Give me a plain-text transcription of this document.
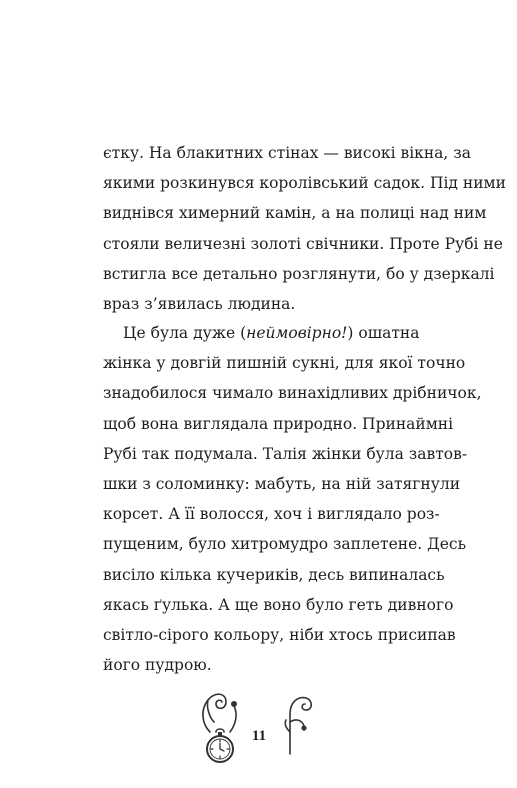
єтку. На блакитних стінах — високі вікна, за
якими розкинувся королівський садок. Під ними
виднівся химерний камін, а на полиці над ним
стояли величезні золоті свічники. Проте Рубі не
встигла все детально розглянути, бо у дзеркалі
враз з’явилась людина.
Це була дуже (неймовірно!) ошатна
жінка у довгій пишній сукні, для якої точно
знадобилося чимало винахідливих дрібничок,
щоб вона виглядала природно. Принаймні
Рубі так подумала. Талія жінки була завтов-
шки з соломинку: мабуть, на ній затягнули
корсет. А її волосся, хоч і виглядало роз-
пущеним, було хитромудро заплетене. Десь
висіло кілька кучериків, десь випиналась
якась ґулька. А ще воно було геть дивного
світло-сірого кольору, ніби хтось присипав
його пудрою.
11
